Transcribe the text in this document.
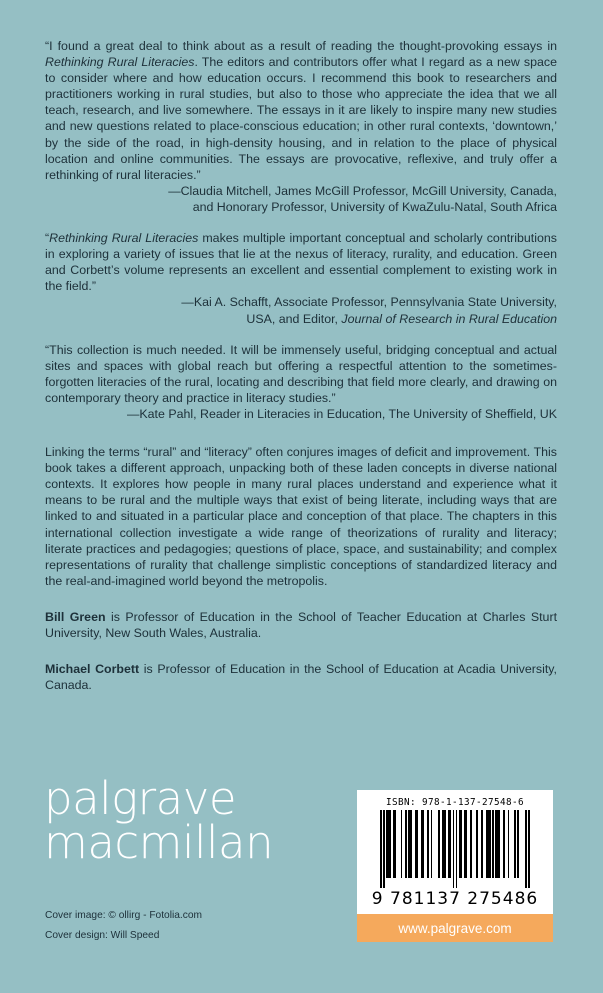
“I found a great deal to think about as a result of reading the thought-provoking essays in Rethinking Rural Literacies. The editors and contributors offer what I regard as a new space to consider where and how education occurs. I recommend this book to researchers and practitioners working in rural studies, but also to those who appreciate the idea that we all teach, research, and live somewhere. The essays in it are likely to inspire many new studies and new questions related to place-conscious education; in other rural contexts, ‘downtown,’ by the side of the road, in high-density housing, and in relation to the place of physical location and online communities. The essays are provocative, reflexive, and truly offer a rethinking of rural literacies.”
—Claudia Mitchell, James McGill Professor, McGill University, Canada,
and Honorary Professor, University of KwaZulu-Natal, South Africa
“Rethinking Rural Literacies makes multiple important conceptual and scholarly contributions in exploring a variety of issues that lie at the nexus of literacy, rurality, and education. Green and Corbett’s volume represents an excellent and essential complement to existing work in the field.”
—Kai A. Schafft, Associate Professor, Pennsylvania State University,
USA, and Editor, Journal of Research in Rural Education
“This collection is much needed. It will be immensely useful, bridging conceptual and actual sites and spaces with global reach but offering a respectful attention to the sometimes-forgotten literacies of the rural, locating and describing that field more clearly, and drawing on contemporary theory and practice in literacy studies.”
—Kate Pahl, Reader in Literacies in Education, The University of Sheffield, UK
Linking the terms “rural” and “literacy” often conjures images of deficit and improvement. This book takes a different approach, unpacking both of these laden concepts in diverse national contexts. It explores how people in many rural places understand and experience what it means to be rural and the multiple ways that exist of being literate, including ways that are linked to and situated in a particular place and conception of that place. The chapters in this international collection investigate a wide range of theorizations of rurality and literacy; literate practices and pedagogies; questions of place, space, and sustainability; and complex representations of rurality that challenge simplistic conceptions of standardized literacy and the real-and-imagined world beyond the metropolis.
Bill Green is Professor of Education in the School of Teacher Education at Charles Sturt University, New South Wales, Australia.
Michael Corbett is Professor of Education in the School of Education at Acadia University, Canada.
palgrave
macmillan
Cover image: © ollirg - Fotolia.com
Cover design: Will Speed
ISBN: 978-1-137-27548-6
9 781137 275486
www.palgrave.com
